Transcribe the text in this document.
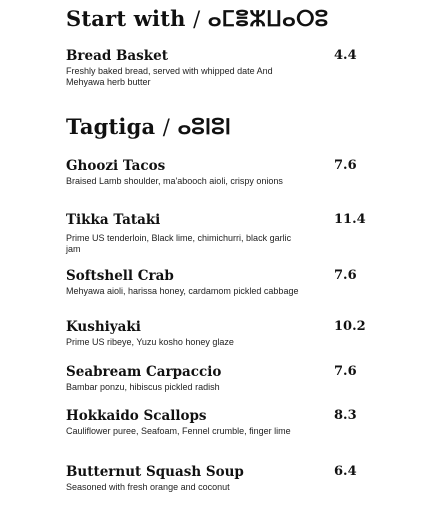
Start with / ⴰⵎⴻⵣⵡⴰⵔⵓ
Bread Basket
Freshly baked bread, served with whipped date And Mehyawa herb butter
4.4
Tagtiga / ⴰⵓⵏⵓⵏ
Ghoozi Tacos
Braised Lamb shoulder, ma'abooch aioli, crispy onions
7.6
Tikka Tataki
Prime US tenderloin, Black lime, chimichurri, black garlic jam
11.4
Softshell Crab
Mehyawa aioli, harissa honey, cardamom pickled cabbage
7.6
Kushiyaki
Prime US ribeye, Yuzu kosho honey glaze
10.2
Seabream Carpaccio
Bambar ponzu, hibiscus pickled radish
7.6
Hokkaido Scallops
Cauliflower puree, Seafoam, Fennel crumble, finger lime
8.3
Butternut Squash Soup
Seasoned with fresh orange and coconut
6.4
